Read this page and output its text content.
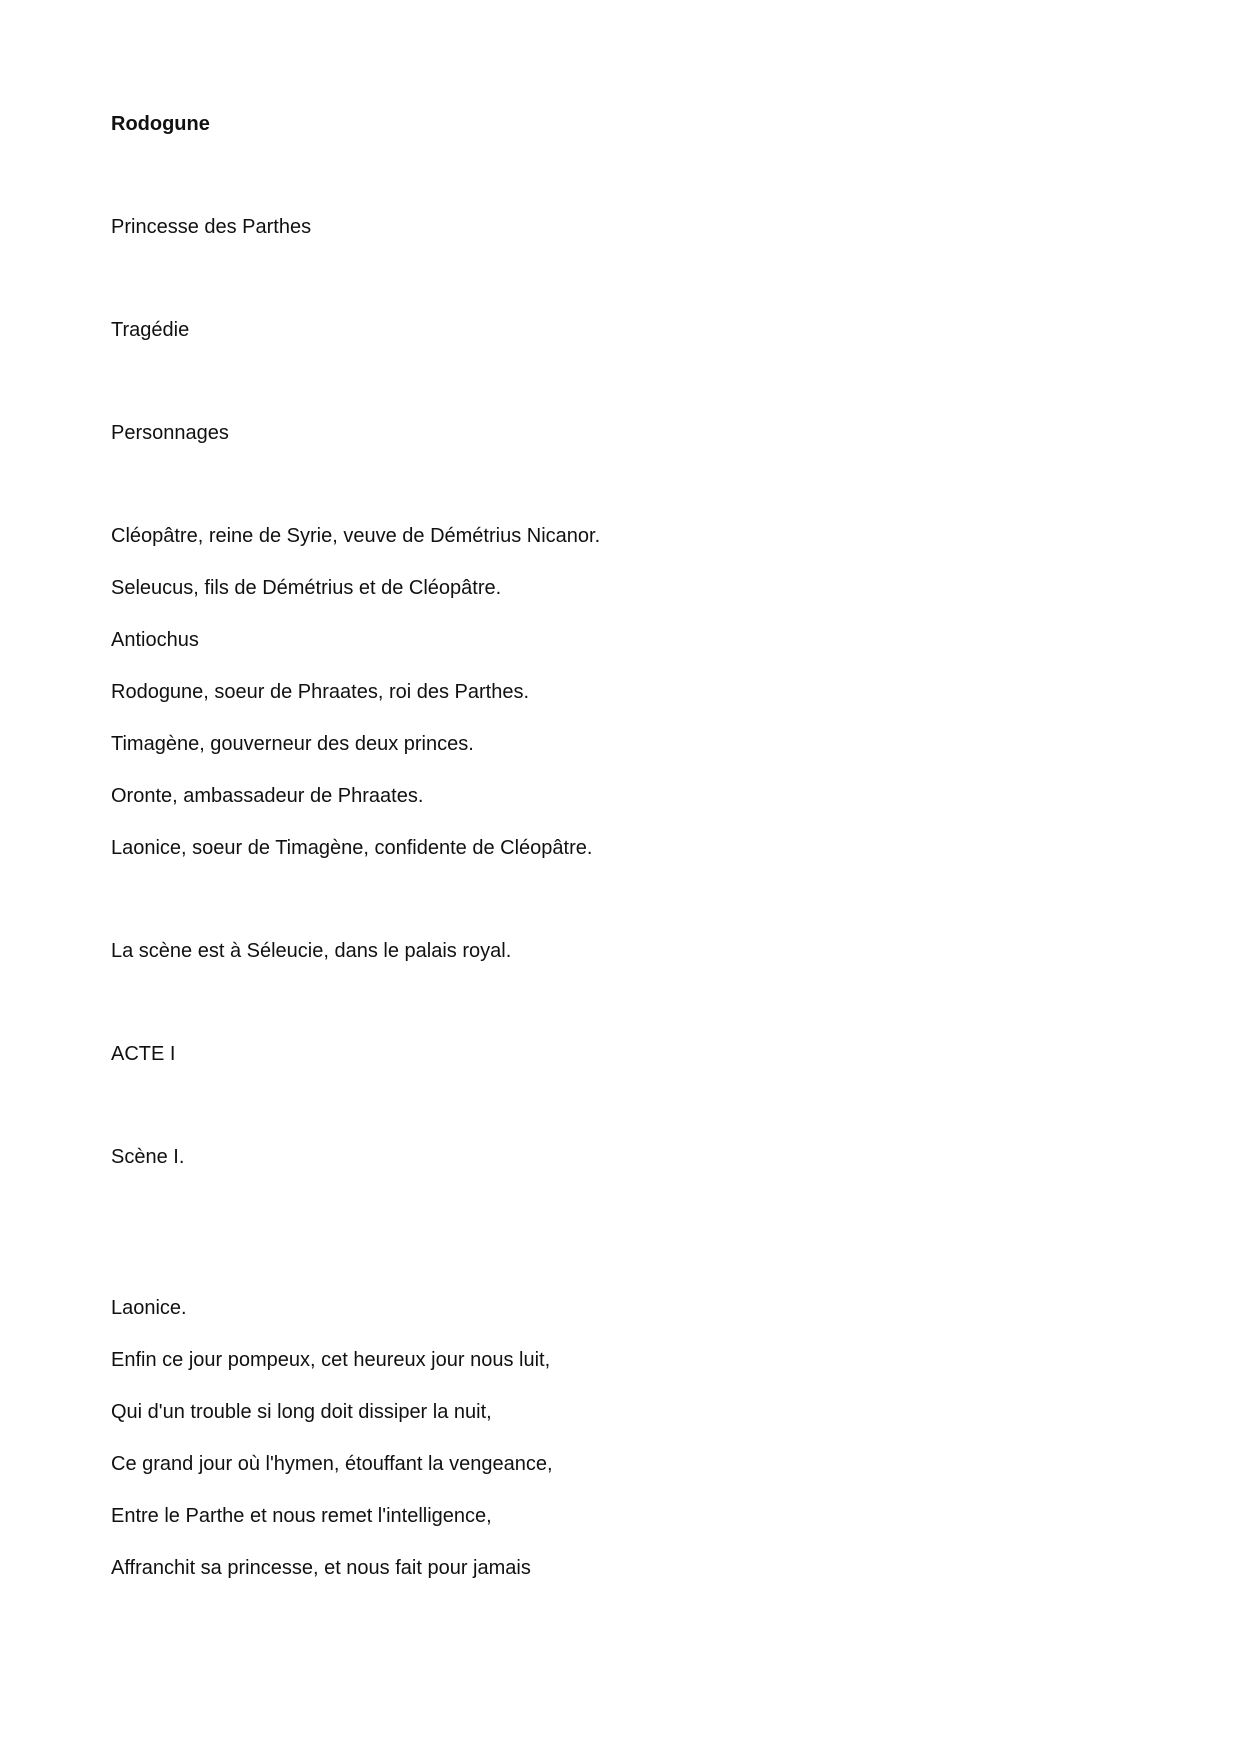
Rodogune
Princesse des Parthes
Tragédie
Personnages
Cléopâtre, reine de Syrie, veuve de Démétrius Nicanor.
Seleucus, fils de Démétrius et de Cléopâtre.
Antiochus
Rodogune, soeur de Phraates, roi des Parthes.
Timagène, gouverneur des deux princes.
Oronte, ambassadeur de Phraates.
Laonice, soeur de Timagène, confidente de Cléopâtre.
La scène est à Séleucie, dans le palais royal.
ACTE I
Scène I.
Laonice.
Enfin ce jour pompeux, cet heureux jour nous luit,
Qui d'un trouble si long doit dissiper la nuit,
Ce grand jour où l'hymen, étouffant la vengeance,
Entre le Parthe et nous remet l'intelligence,
Affranchit sa princesse, et nous fait pour jamais
